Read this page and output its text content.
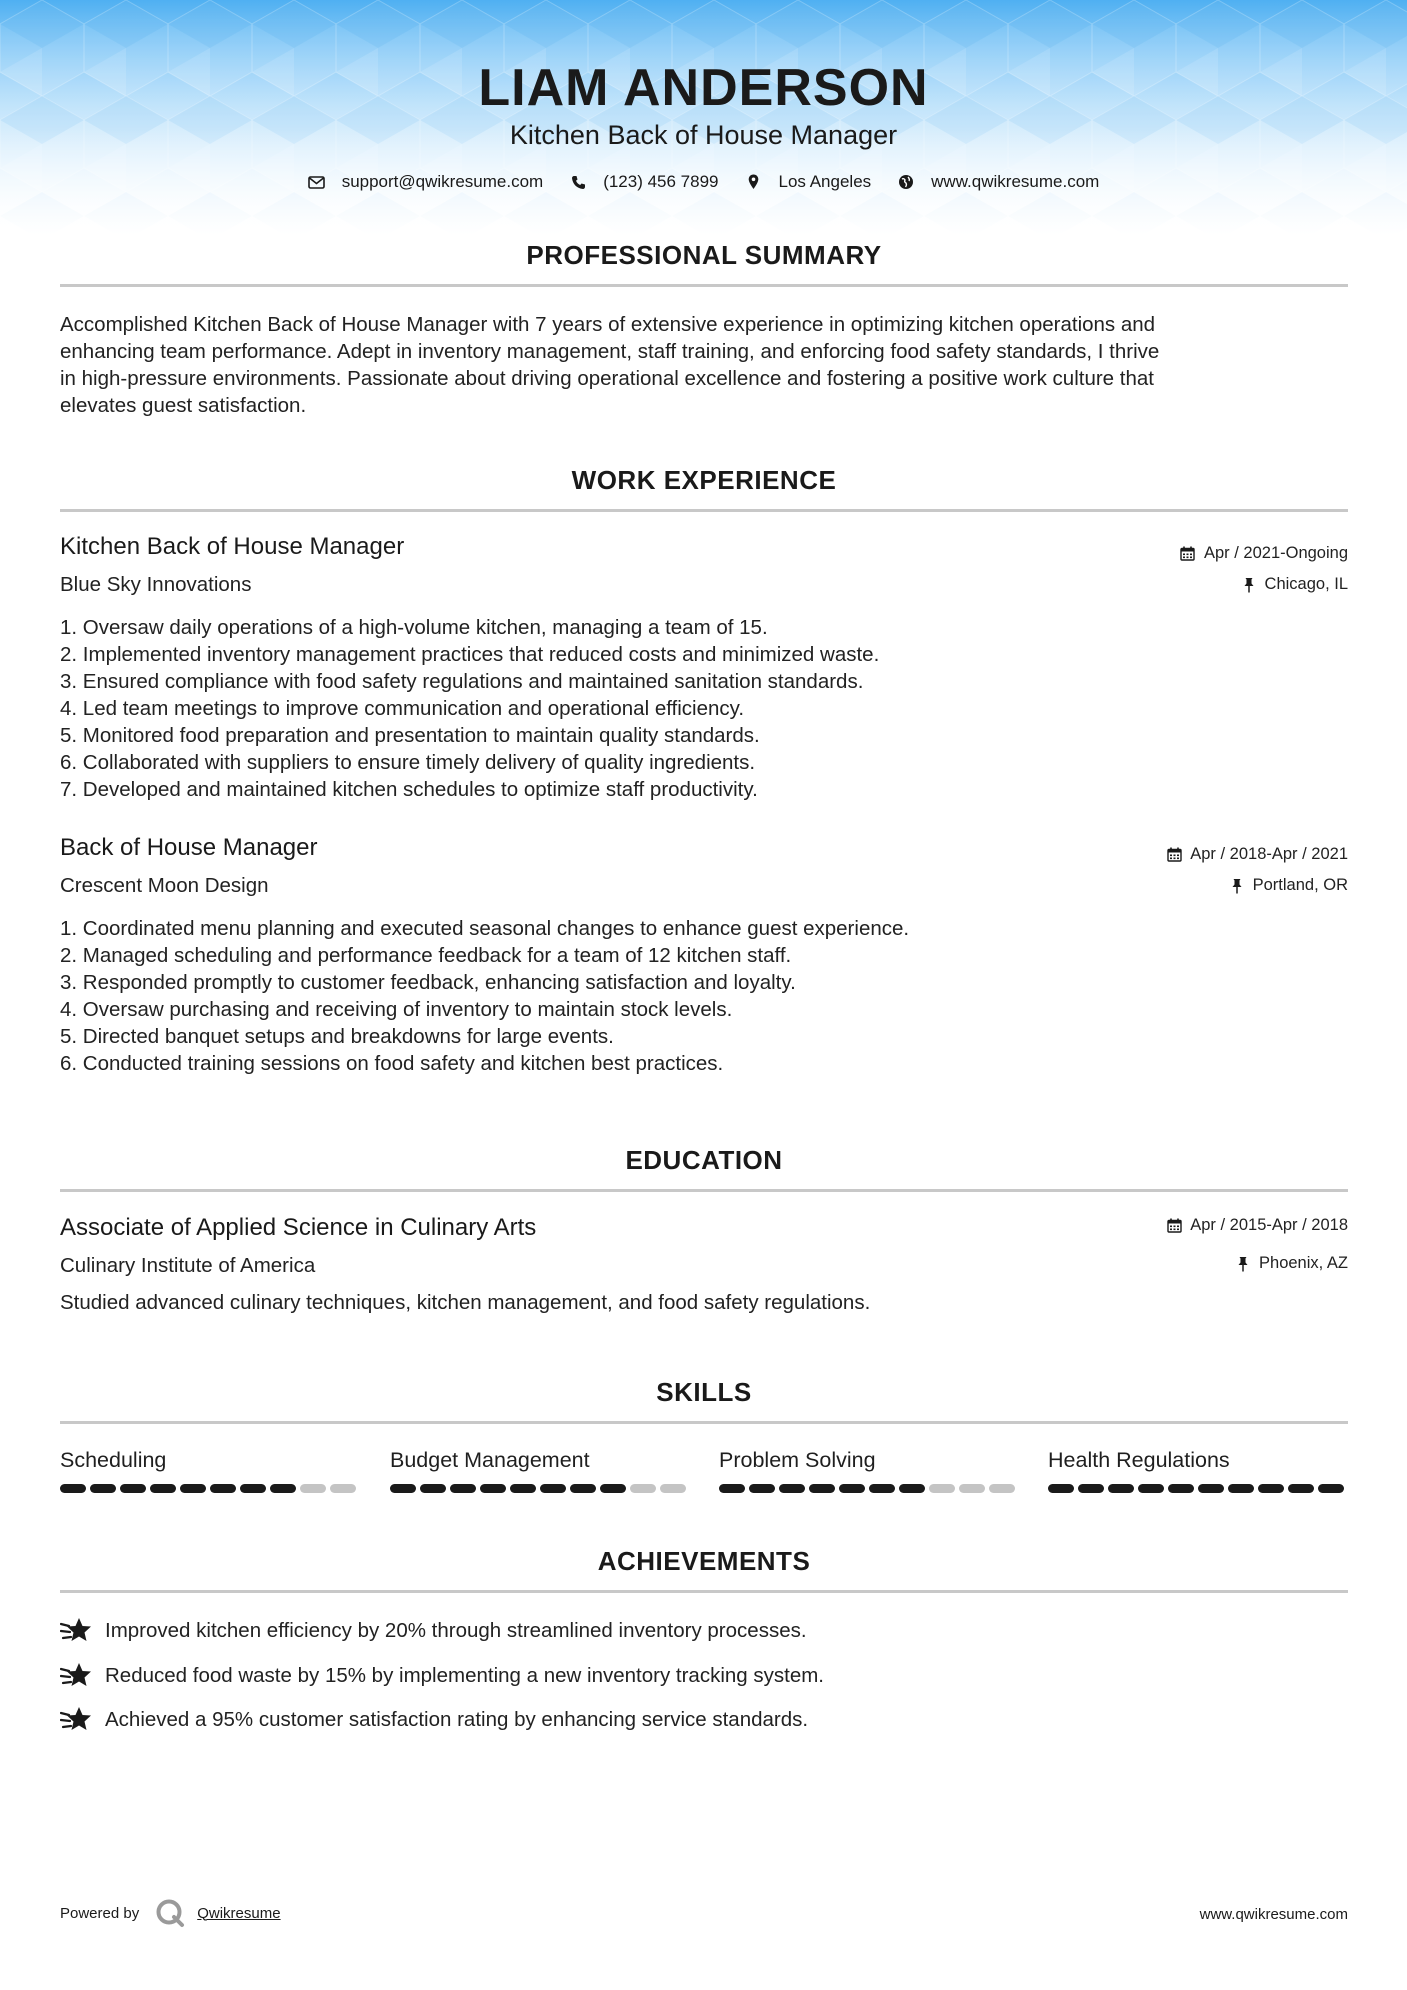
LIAM ANDERSON
Kitchen Back of House Manager
support@qwikresume.com	(123) 456 7899	Los Angeles	www.qwikresume.com
PROFESSIONAL SUMMARY
Accomplished Kitchen Back of House Manager with 7 years of extensive experience in optimizing kitchen operations and
enhancing team performance. Adept in inventory management, staff training, and enforcing food safety standards, I thrive
in high-pressure environments. Passionate about driving operational excellence and fostering a positive work culture that
elevates guest satisfaction.
WORK EXPERIENCE
Kitchen Back of House Manager	Apr / 2021-Ongoing
Blue Sky Innovations	Chicago, IL
1. Oversaw daily operations of a high-volume kitchen, managing a team of 15.
2. Implemented inventory management practices that reduced costs and minimized waste.
3. Ensured compliance with food safety regulations and maintained sanitation standards.
4. Led team meetings to improve communication and operational efficiency.
5. Monitored food preparation and presentation to maintain quality standards.
6. Collaborated with suppliers to ensure timely delivery of quality ingredients.
7. Developed and maintained kitchen schedules to optimize staff productivity.
Back of House Manager	Apr / 2018-Apr / 2021
Crescent Moon Design	Portland, OR
1. Coordinated menu planning and executed seasonal changes to enhance guest experience.
2. Managed scheduling and performance feedback for a team of 12 kitchen staff.
3. Responded promptly to customer feedback, enhancing satisfaction and loyalty.
4. Oversaw purchasing and receiving of inventory to maintain stock levels.
5. Directed banquet setups and breakdowns for large events.
6. Conducted training sessions on food safety and kitchen best practices.
EDUCATION
Associate of Applied Science in Culinary Arts	Apr / 2015-Apr / 2018
Culinary Institute of America	Phoenix, AZ
Studied advanced culinary techniques, kitchen management, and food safety regulations.
SKILLS
Scheduling	Budget Management	Problem Solving	Health Regulations
ACHIEVEMENTS
Improved kitchen efficiency by 20% through streamlined inventory processes.
Reduced food waste by 15% by implementing a new inventory tracking system.
Achieved a 95% customer satisfaction rating by enhancing service standards.
Powered by	Qwikresume	www.qwikresume.com
